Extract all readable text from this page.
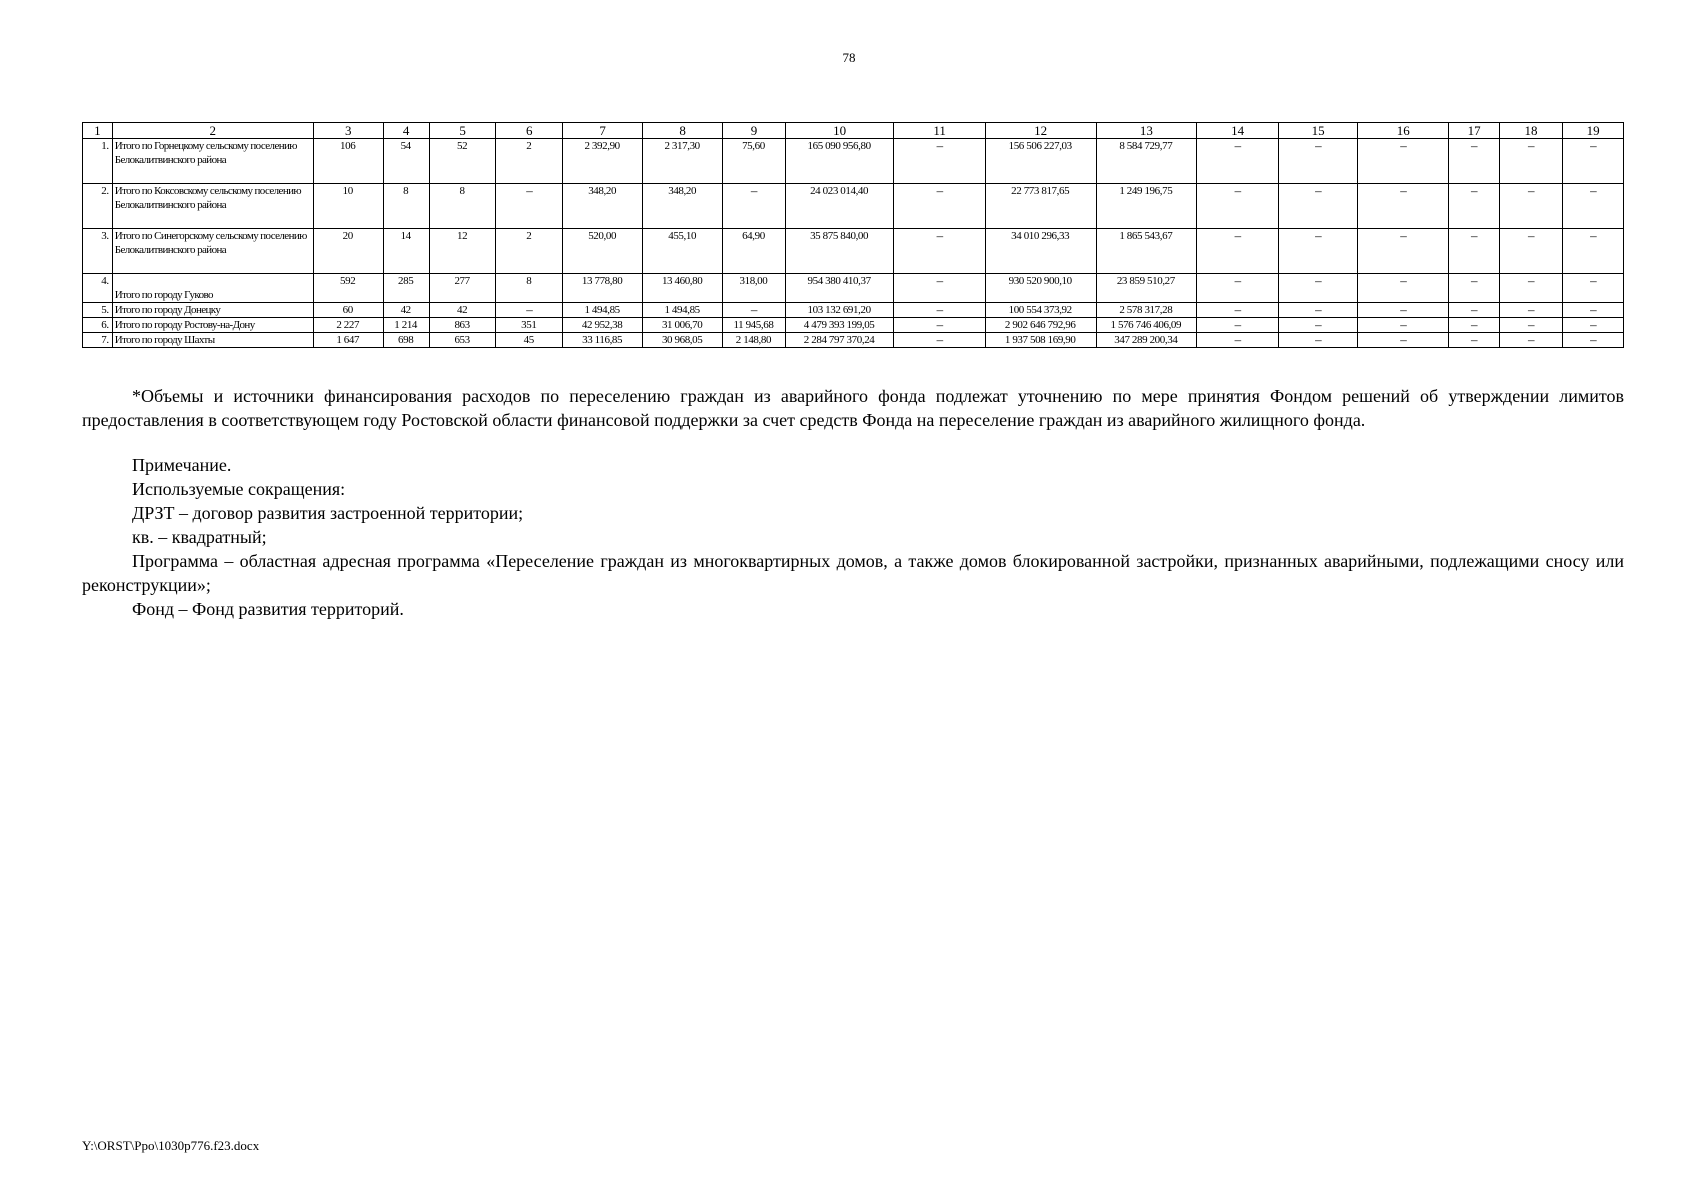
78
1	2	3	4	5	6	7	8	9	10	11	12	13	14	15	16	17	18	19
1.	Итого по Горнецкому сельскому поселению Белокалитвинского района	106	54	52	2	2 392,90	2 317,30	75,60	165 090 956,80	–	156 506 227,03	8 584 729,77	–	–	–	–	–	–
2.	Итого по Коксовскому сельскому поселению Белокалитвинского района	10	8	8	–	348,20	348,20	–	24 023 014,40	–	22 773 817,65	1 249 196,75	–	–	–	–	–	–
3.	Итого по Синегорскому сельскому поселению Белокалитвинского района	20	14	12	2	520,00	455,10	64,90	35 875 840,00	–	34 010 296,33	1 865 543,67	–	–	–	–	–	–
4.	Итого по городу Гуково	592	285	277	8	13 778,80	13 460,80	318,00	954 380 410,37	–	930 520 900,10	23 859 510,27	–	–	–	–	–	–
5.	Итого по городу Донецку	60	42	42	–	1 494,85	1 494,85	–	103 132 691,20	–	100 554 373,92	2 578 317,28	–	–	–	–	–	–
6.	Итого по городу Ростову-на-Дону	2 227	1 214	863	351	42 952,38	31 006,70	11 945,68	4 479 393 199,05	–	2 902 646 792,96	1 576 746 406,09	–	–	–	–	–	–
7.	Итого по городу Шахты	1 647	698	653	45	33 116,85	30 968,05	2 148,80	2 284 797 370,24	–	1 937 508 169,90	347 289 200,34	–	–	–	–	–	–

*Объемы и источники финансирования расходов по переселению граждан из аварийного фонда подлежат уточнению по мере принятия Фондом решений об утверждении лимитов предоставления в соответствующем году Ростовской области финансовой поддержки за счет средств Фонда на переселение граждан из аварийного жилищного фонда.

Примечание.

Используемые сокращения:

ДРЗТ – договор развития застроенной территории;

кв. – квадратный;

Программа – областная адресная программа «Переселение граждан из многоквартирных домов, а также домов блокированной застройки, признанных аварийными, подлежащими сносу или реконструкции»;

Фонд – Фонд развития территорий.

Y:\ORST\Ppo\1030p776.f23.docx
